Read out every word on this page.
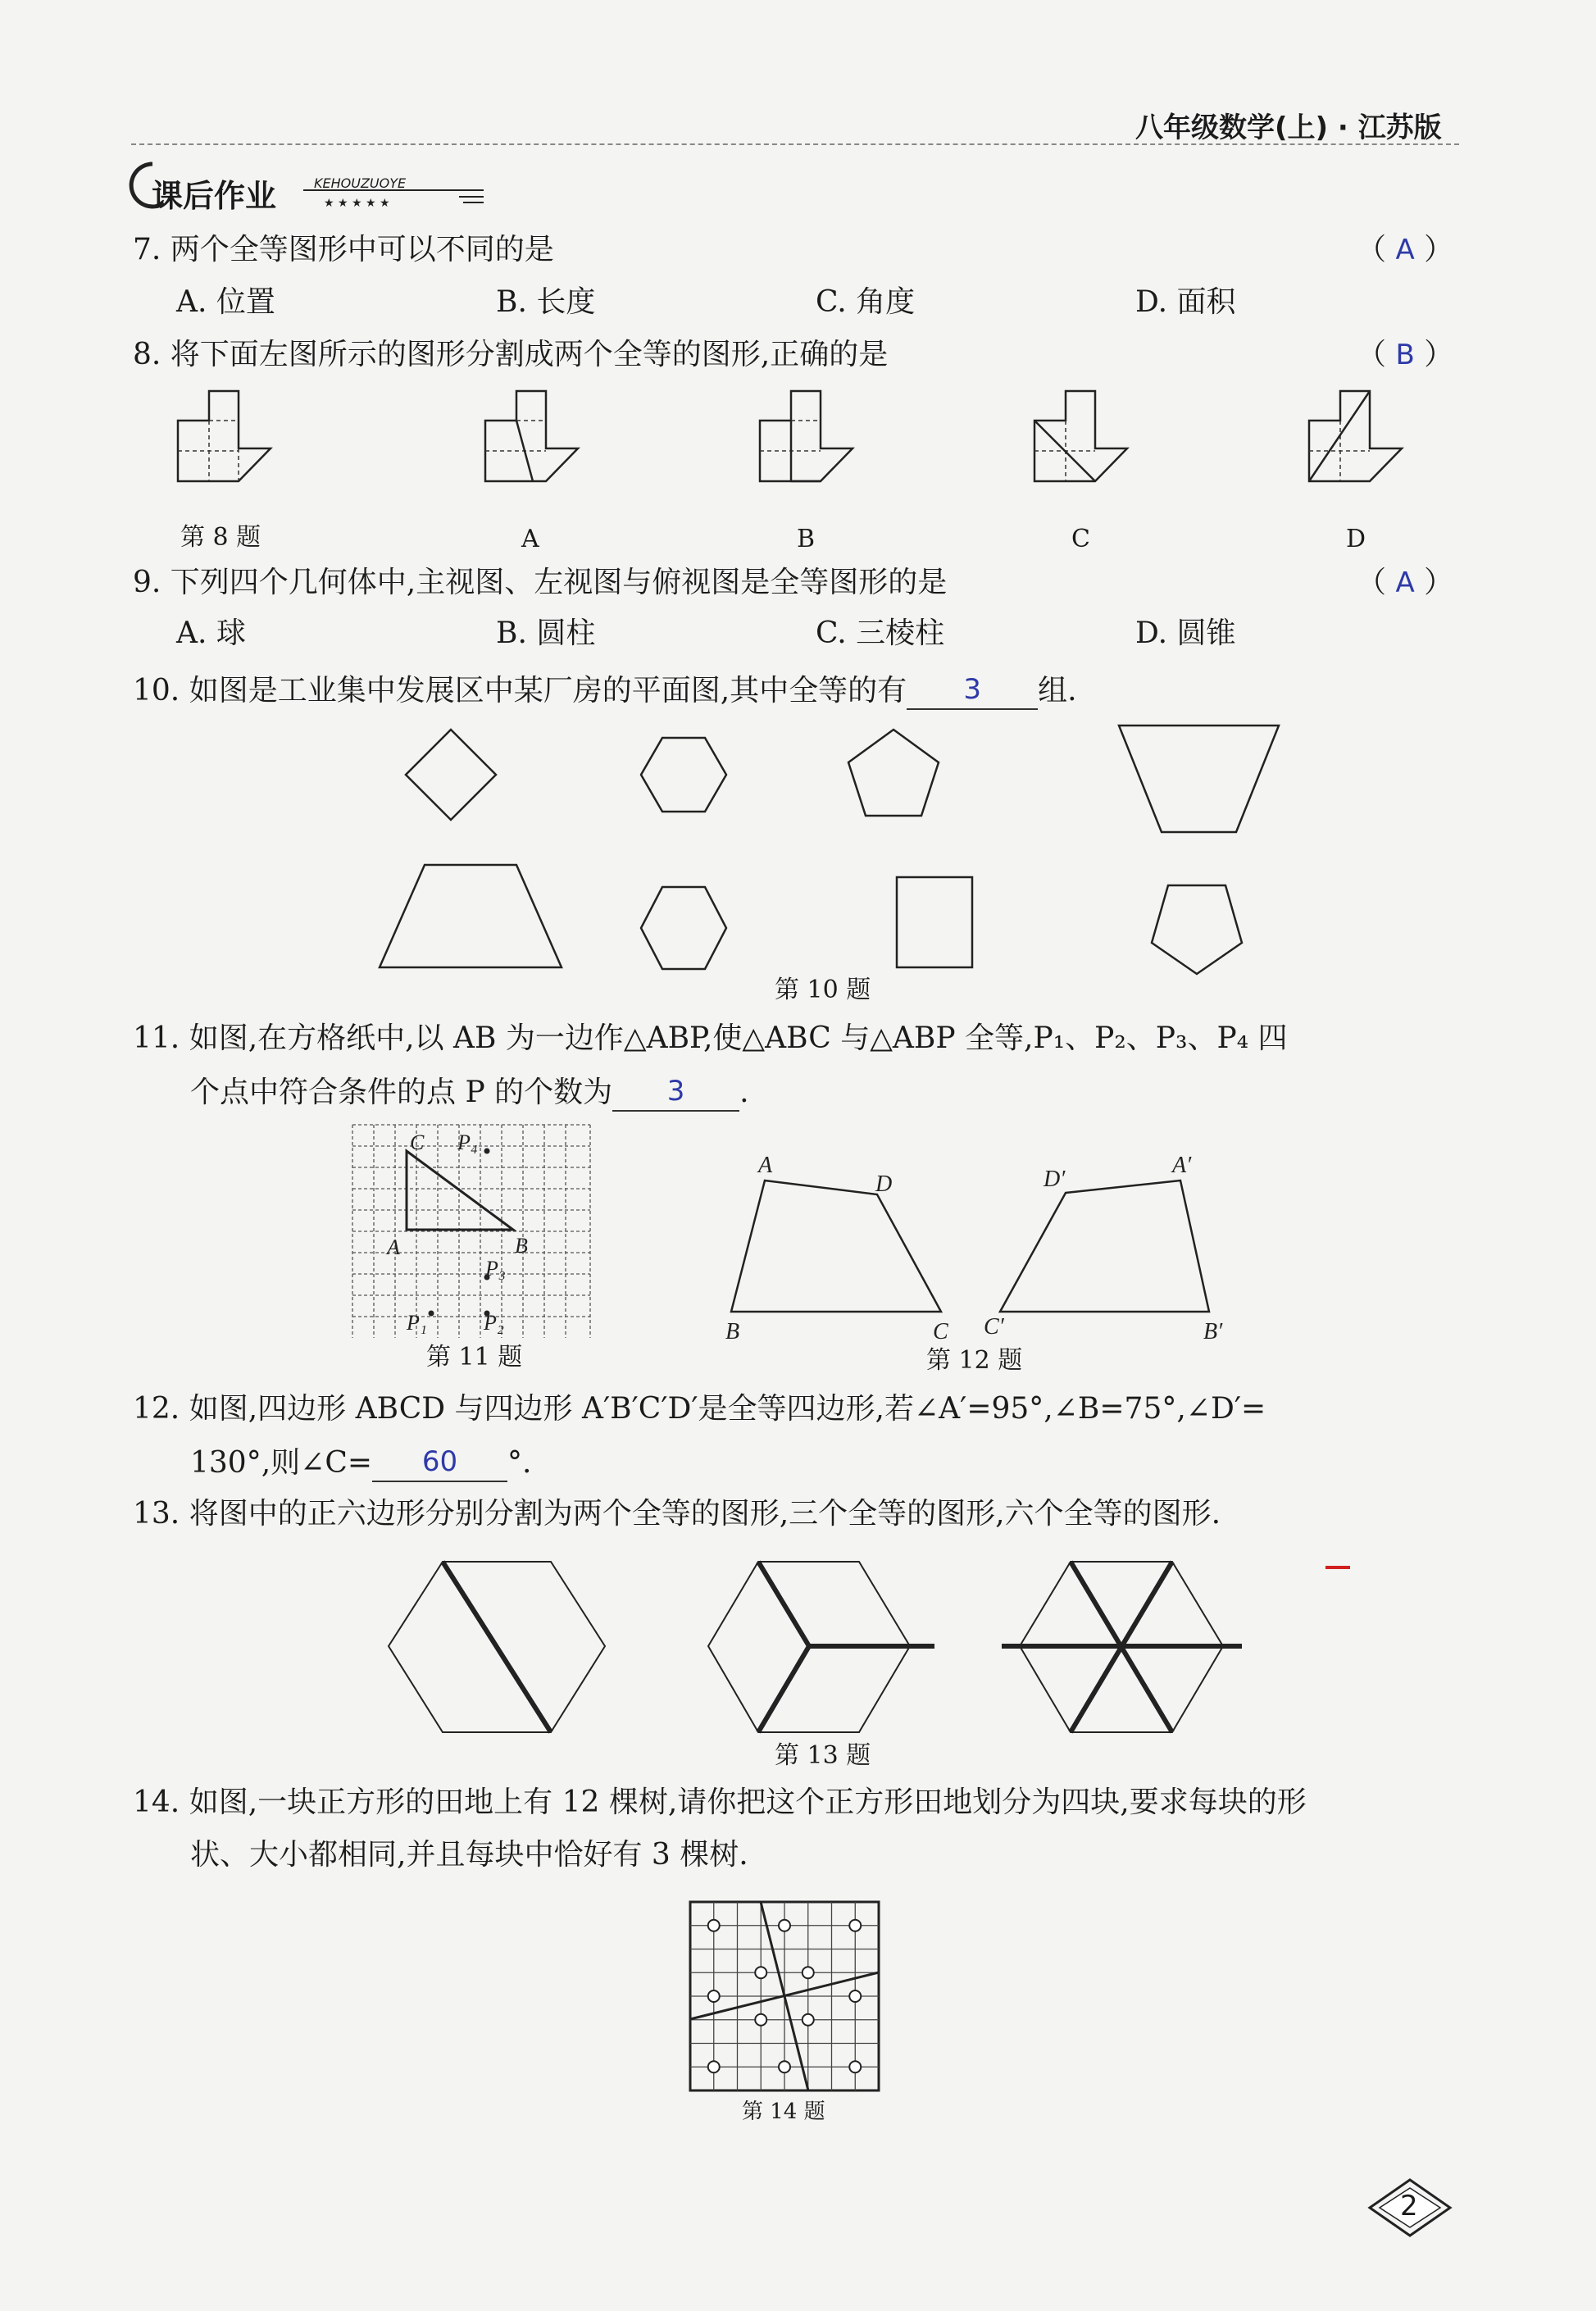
八年级数学(上) · 江苏版
★ ★ ★ ★ ★
课后作业	KEHOUZUOYE
7. 两个全等图形中可以不同的是	（ A ）
A. 位置	B. 长度	C. 角度	D. 面积
8. 将下面左图所示的图形分割成两个全等的图形,正确的是	（ B ）
第 8 题	A	B	C	D
9. 下列四个几何体中,主视图、左视图与俯视图是全等图形的是	（ A ）
A. 球	B. 圆柱	C. 三棱柱	D. 圆锥
10. 如图是工业集中发展区中某厂房的平面图,其中全等的有 3 组.
第 10 题
11. 如图,在方格纸中,以 AB 为一边作△ABP,使△ABC 与△ABP 全等,P₁、P₂、P₃、P₄ 四
个点中符合条件的点 P 的个数为 3 .
C P₄
A	B
P₃
P₁	P₂
第 11 题
A
D
B	C
D′
A′
C′	B′
第 12 题
12. 如图,四边形 ABCD 与四边形 A′B′C′D′是全等四边形,若∠A′=95°,∠B=75°,∠D′=
130°,则∠C= 60 °.
13. 将图中的正六边形分别分割为两个全等的图形,三个全等的图形,六个全等的图形.
第 13 题
14. 如图,一块正方形的田地上有 12 棵树,请你把这个正方形田地划分为四块,要求每块的形
状、大小都相同,并且每块中恰好有 3 棵树.
第 14 题
2
